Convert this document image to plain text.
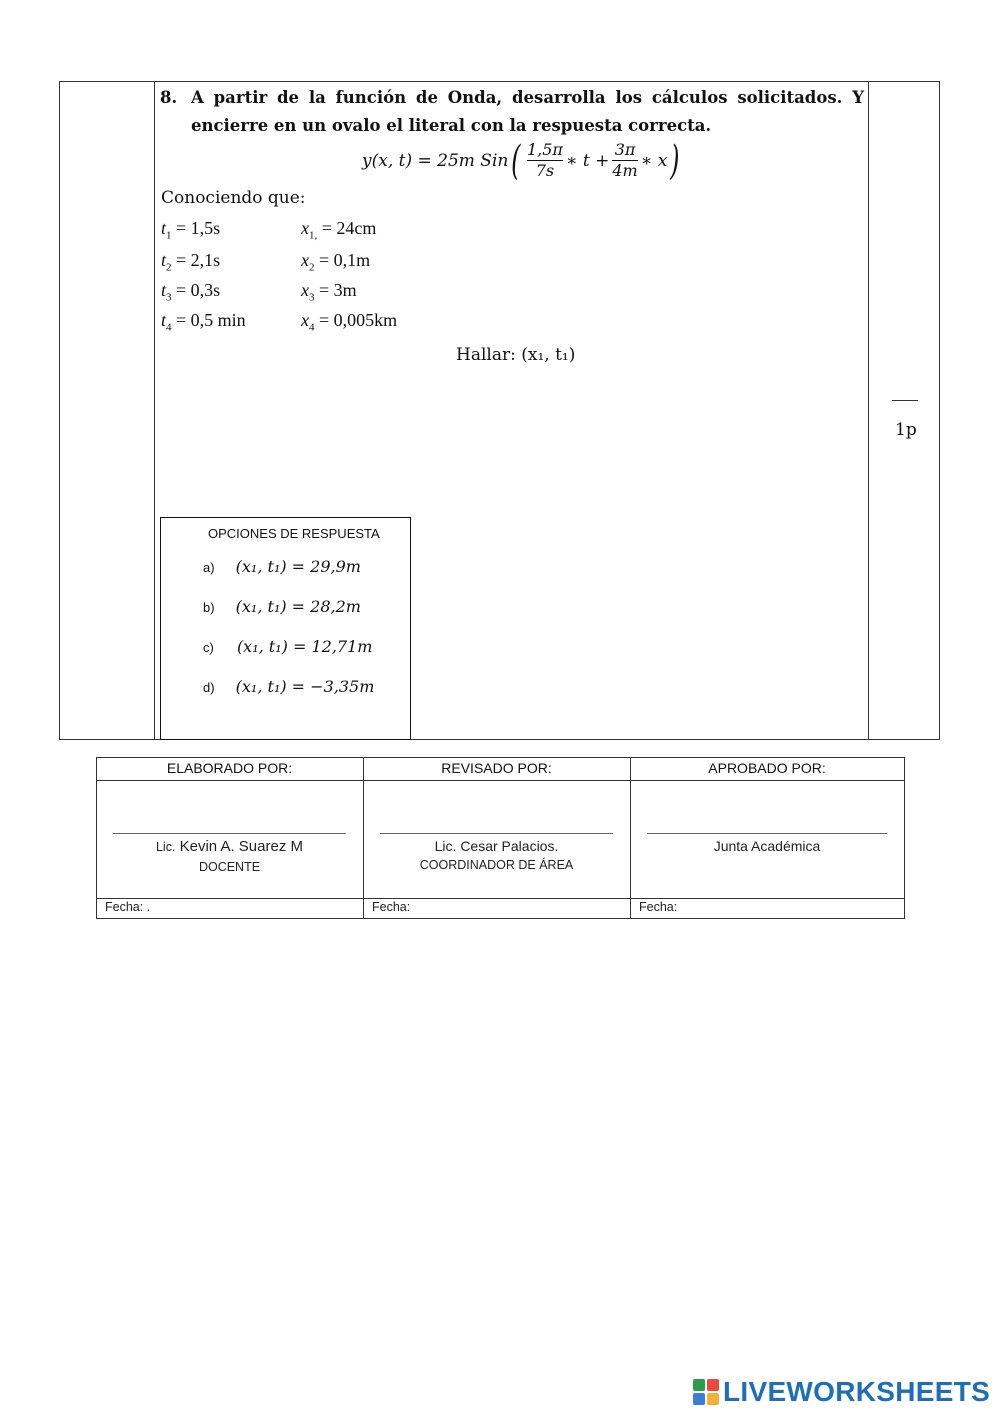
8. A partir de la función de Onda, desarrolla los cálculos solicitados. Y encierre en un ovalo el literal con la respuesta correcta.
y(x, t) = 25m Sin ( $\frac{1,5\pi}{7s}$ ∗ $t + \frac{3\pi}{4m}$ ∗ x )
Conociendo que:
$t_1 = 1,5s$	$x_{1,} = 24cm$
$t_2 = 2,1s$	$x_2 = 0,1m$
$t_3 = 0,3s$	$x_3 = 3m$
$t_4 = 0,5$ min	$x_4 = 0,005km$
Hallar: (x₁, t₁)
1p
OPCIONES DE RESPUESTA
a) (x₁, t₁) = 29,9m
b) (x₁, t₁) = 28,2m
c) (x₁, t₁) = 12,71m
d) (x₁, t₁) = −3,35m
ELABORADO POR:	REVISADO POR:	APROBADO POR:
Lic. Kevin A. Suarez M	Lic. Cesar Palacios.	Junta Académica
DOCENTE	COORDINADOR DE ÁREA
Fecha: .	Fecha:	Fecha:
LIVEWORKSHEETS
